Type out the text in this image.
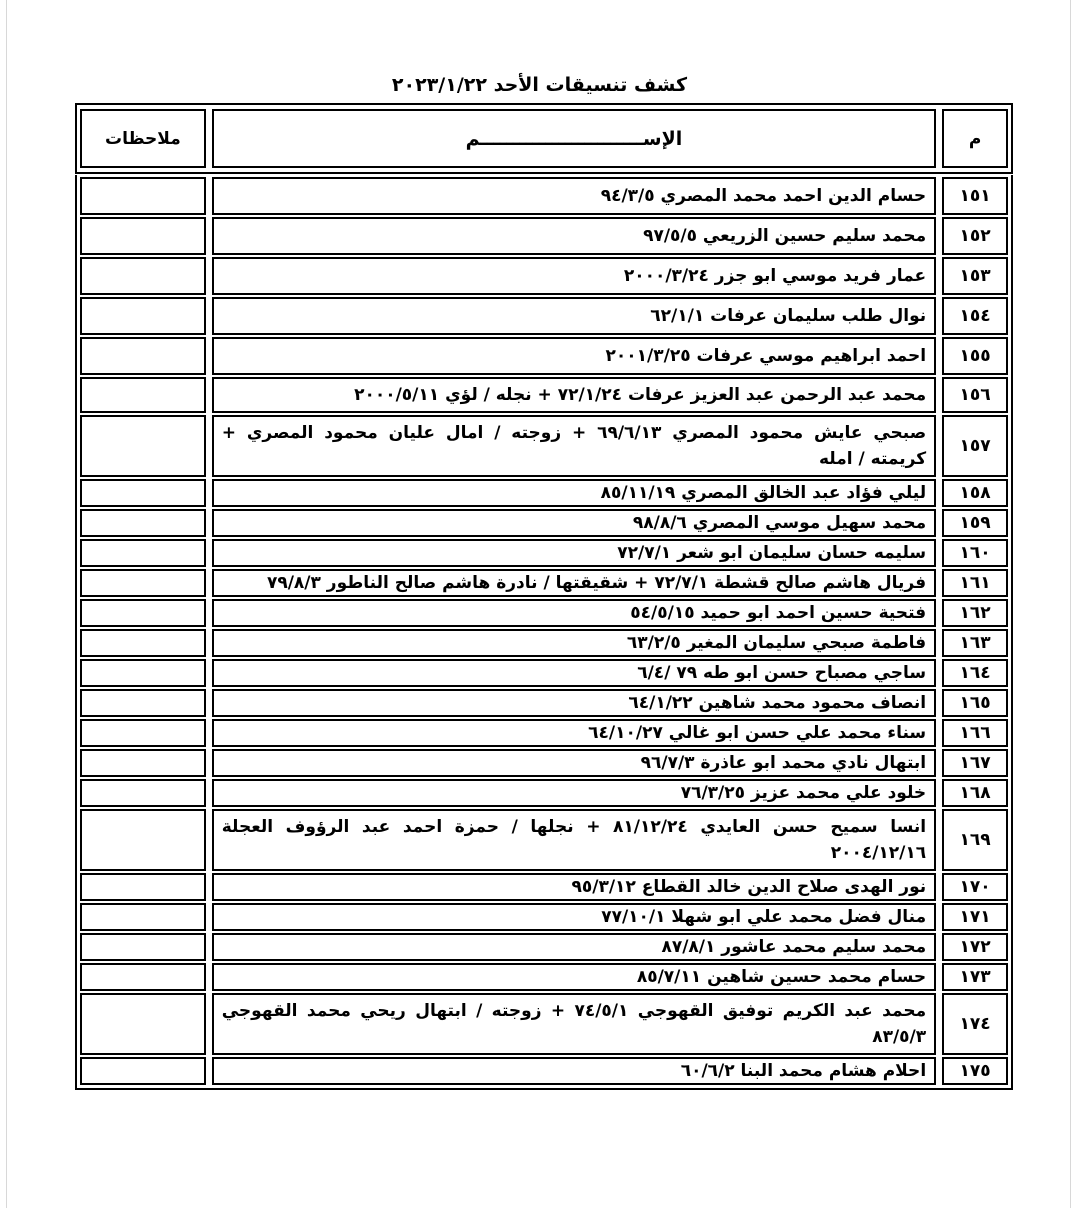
كشف تنسيقات الأحد ٢٠٢٣/١/٢٢
م
الإســـــــــــــــــــــــــم
ملاحظات
١٥١
حسام الدين احمد محمد المصري ٩٤/٣/٥
١٥٢
محمد سليم حسين الزريعي ٩٧/٥/٥
١٥٣
عمار فريد موسي ابو جزر ٢٠٠٠/٣/٢٤
١٥٤
نوال طلب سليمان عرفات ٦٢/١/١
١٥٥
احمد ابراهيم موسي عرفات ٢٠٠١/٣/٢٥
١٥٦
محمد عبد الرحمن عبد العزيز عرفات ٧٢/١/٢٤ + نجله / لؤي ٢٠٠٠/٥/١١
١٥٧
صبحي عايش محمود المصري ٦٩/٦/١٣ + زوجته / امال عليان محمود المصري + كريمته / امله
١٥٨
ليلي فؤاد عبد الخالق المصري ٨٥/١١/١٩
١٥٩
محمد سهيل موسي المصري ٩٨/٨/٦
١٦٠
سليمه حسان سليمان ابو شعر ٧٢/٧/١
١٦١
فريال هاشم صالح قشطة ٧٢/٧/١ + شقيقتها / نادرة هاشم صالح الناطور ٧٩/٨/٣
١٦٢
فتحية حسين احمد ابو حميد ٥٤/٥/١٥
١٦٣
فاطمة صبحي سليمان المغير ٦٣/٢/٥
١٦٤
ساجي مصباح حسن ابو طه ٧٩ /٦/٤
١٦٥
انصاف محمود محمد شاهين ٦٤/١/٢٢
١٦٦
سناء محمد علي حسن ابو غالي ٦٤/١٠/٢٧
١٦٧
ابتهال نادي محمد ابو عاذرة ٩٦/٧/٣
١٦٨
خلود علي محمد عزيز ٧٦/٣/٢٥
١٦٩
انسا سميح حسن العايدي ٨١/١٢/٢٤ + نجلها / حمزة احمد عبد الرؤوف العجلة ٢٠٠٤/١٢/١٦
١٧٠
نور الهدى صلاح الدين خالد القطاع ٩٥/٣/١٢
١٧١
منال فضل محمد علي ابو شهلا ٧٧/١٠/١
١٧٢
محمد سليم محمد عاشور ٨٧/٨/١
١٧٣
حسام محمد حسين شاهين ٨٥/٧/١١
١٧٤
محمد عبد الكريم توفيق القهوجي ٧٤/٥/١ + زوجته / ابتهال ريحي محمد القهوجي ٨٣/٥/٣
١٧٥
احلام هشام محمد البنا ٦٠/٦/٢
